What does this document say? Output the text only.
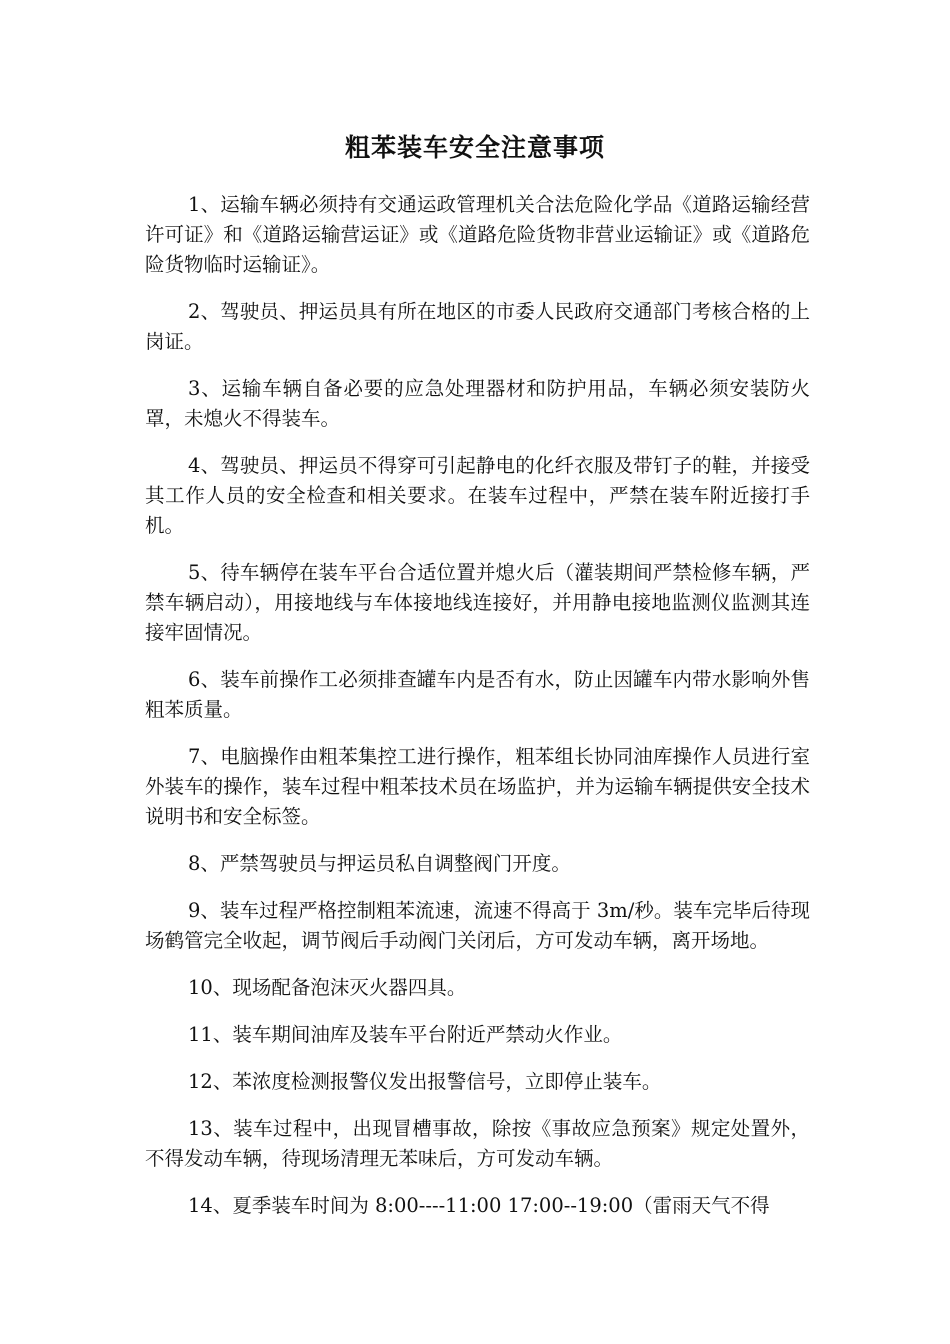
粗苯装车安全注意事项

1、运输车辆必须持有交通运政管理机关合法危险化学品《道路运输经营许可证》和《道路运输营运证》或《道路危险货物非营业运输证》或《道路危险货物临时运输证》。

2、驾驶员、押运员具有所在地区的市委人民政府交通部门考核合格的上岗证。

3、运输车辆自备必要的应急处理器材和防护用品，车辆必须安装防火罩，未熄火不得装车。

4、驾驶员、押运员不得穿可引起静电的化纤衣服及带钉子的鞋，并接受其工作人员的安全检查和相关要求。在装车过程中，严禁在装车附近接打手机。

5、待车辆停在装车平台合适位置并熄火后（灌装期间严禁检修车辆，严禁车辆启动），用接地线与车体接地线连接好，并用静电接地监测仪监测其连接牢固情况。

6、装车前操作工必须排查罐车内是否有水，防止因罐车内带水影响外售粗苯质量。

7、电脑操作由粗苯集控工进行操作，粗苯组长协同油库操作人员进行室外装车的操作，装车过程中粗苯技术员在场监护，并为运输车辆提供安全技术说明书和安全标签。

8、严禁驾驶员与押运员私自调整阀门开度。

9、装车过程严格控制粗苯流速，流速不得高于 3m/秒。装车完毕后待现场鹤管完全收起，调节阀后手动阀门关闭后，方可发动车辆，离开场地。

10、现场配备泡沫灭火器四具。

11、装车期间油库及装车平台附近严禁动火作业。

12、苯浓度检测报警仪发出报警信号，立即停止装车。

13、装车过程中，出现冒槽事故，除按《事故应急预案》规定处置外，不得发动车辆，待现场清理无苯味后，方可发动车辆。

14、夏季装车时间为 8:00----11:00 17:00--19:00（雷雨天气不得
